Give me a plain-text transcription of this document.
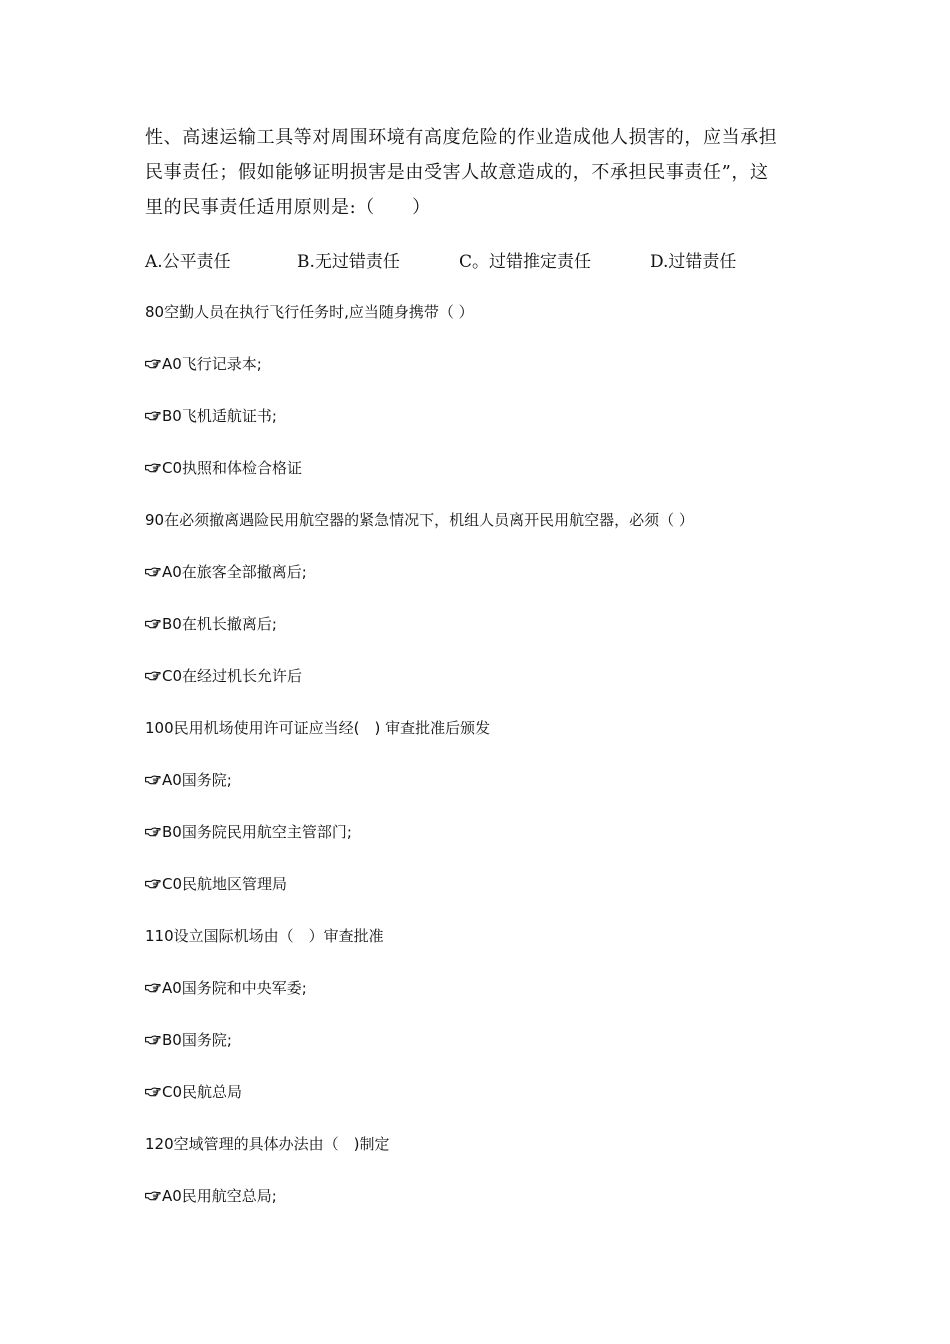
性、高速运输工具等对周围环境有高度危险的作业造成他人损害的，应当承担
民事责任；假如能够证明损害是由受害人故意造成的，不承担民事责任”，这
里的民事责任适用原则是:（　　）
A.公平责任	B.无过错责任	C。过错推定责任	D.过错责任
80空勤人员在执行飞行任务时,应当随身携带（ ）
A0飞行记录本;
B0飞机适航证书;
C0执照和体检合格证
90在必须撤离遇险民用航空器的紧急情况下，机组人员离开民用航空器，必须（ ）
A0在旅客全部撤离后;
B0在机长撤离后;
C0在经过机长允许后
100民用机场使用许可证应当经(　) 审查批准后颁发
A0国务院;
B0国务院民用航空主管部门;
C0民航地区管理局
110设立国际机场由（　）审查批准
A0国务院和中央军委;
B0国务院;
C0民航总局
120空域管理的具体办法由（　)制定
A0民用航空总局;
